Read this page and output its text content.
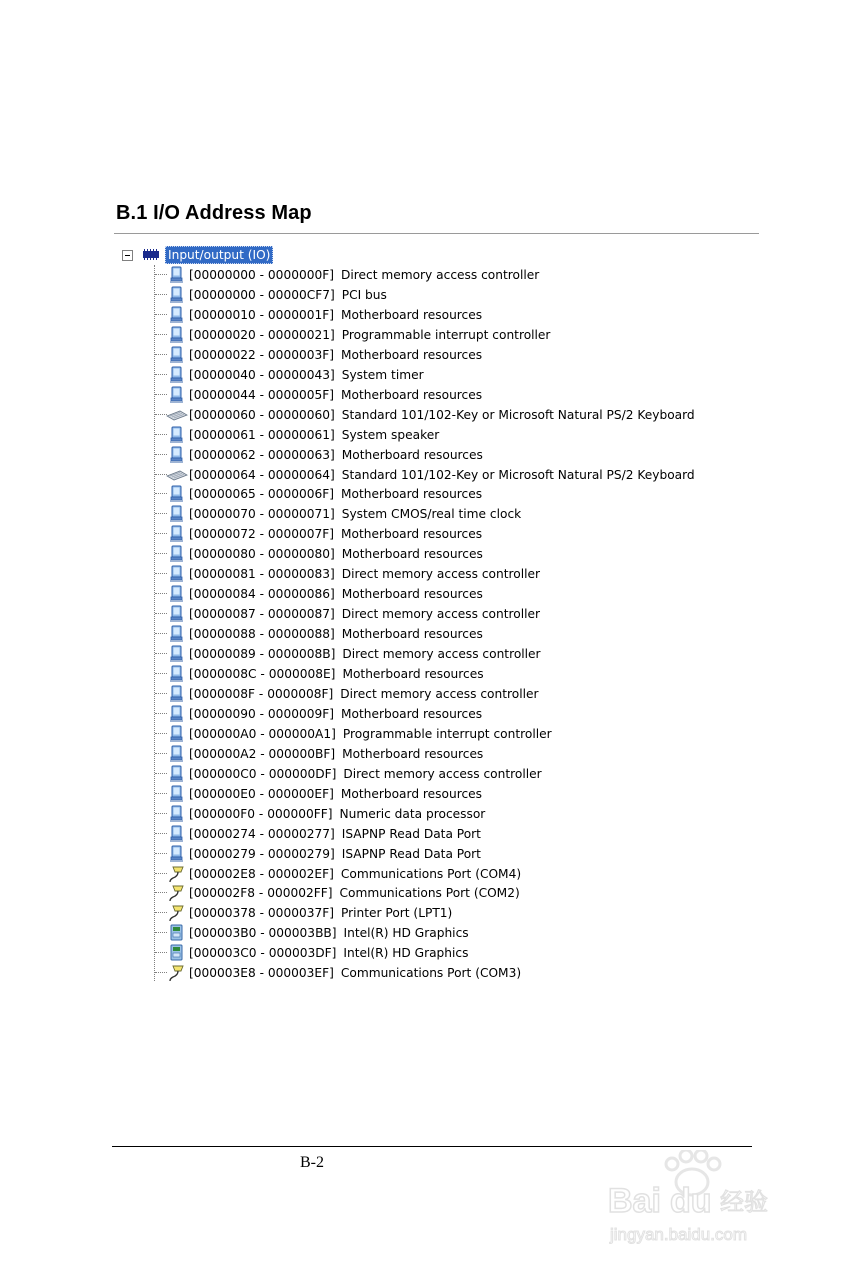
B.1 I/O Address Map
Input/output (IO)
[00000000 - 0000000F] Direct memory access controller
[00000000 - 00000CF7] PCI bus
[00000010 - 0000001F] Motherboard resources
[00000020 - 00000021] Programmable interrupt controller
[00000022 - 0000003F] Motherboard resources
[00000040 - 00000043] System timer
[00000044 - 0000005F] Motherboard resources
[00000060 - 00000060] Standard 101/102-Key or Microsoft Natural PS/2 Keyboard
[00000061 - 00000061] System speaker
[00000062 - 00000063] Motherboard resources
[00000064 - 00000064] Standard 101/102-Key or Microsoft Natural PS/2 Keyboard
[00000065 - 0000006F] Motherboard resources
[00000070 - 00000071] System CMOS/real time clock
[00000072 - 0000007F] Motherboard resources
[00000080 - 00000080] Motherboard resources
[00000081 - 00000083] Direct memory access controller
[00000084 - 00000086] Motherboard resources
[00000087 - 00000087] Direct memory access controller
[00000088 - 00000088] Motherboard resources
[00000089 - 0000008B] Direct memory access controller
[0000008C - 0000008E] Motherboard resources
[0000008F - 0000008F] Direct memory access controller
[00000090 - 0000009F] Motherboard resources
[000000A0 - 000000A1] Programmable interrupt controller
[000000A2 - 000000BF] Motherboard resources
[000000C0 - 000000DF] Direct memory access controller
[000000E0 - 000000EF] Motherboard resources
[000000F0 - 000000FF] Numeric data processor
[00000274 - 00000277] ISAPNP Read Data Port
[00000279 - 00000279] ISAPNP Read Data Port
[000002E8 - 000002EF] Communications Port (COM4)
[000002F8 - 000002FF] Communications Port (COM2)
[00000378 - 0000037F] Printer Port (LPT1)
[000003B0 - 000003BB] Intel(R) HD Graphics
[000003C0 - 000003DF] Intel(R) HD Graphics
[000003E8 - 000003EF] Communications Port (COM3)
B-2
Bai du 经验
jingyan.baidu.com
